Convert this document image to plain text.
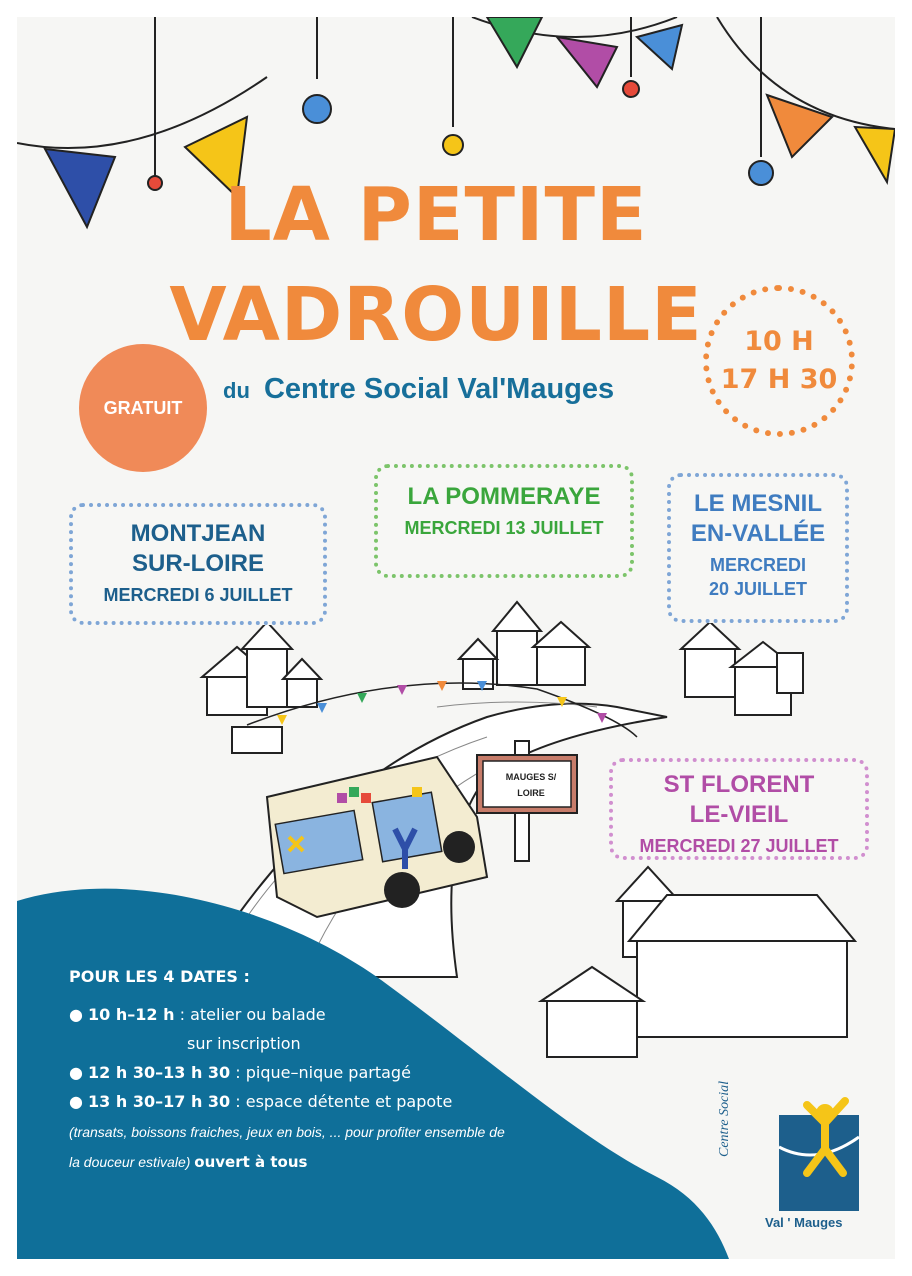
LA PETITE
VADROUILLE
GRATUIT
du Centre Social Val'Mauges
10 H
17 H 30
MONTJEAN
SUR-LOIRE
MERCREDI 6 JUILLET
LA POMMERAYE
MERCREDI 13 JUILLET
LE MESNIL
EN-VALLÉE
MERCREDI
20 JUILLET
ST FLORENT
LE-VIEIL
MERCREDI 27 JUILLET
MAUGES S/
LOIRE
POUR LES 4 DATES :
● 10 h–12 h : atelier ou balade
sur inscription
● 12 h 30–13 h 30 : pique–nique partagé
● 13 h 30–17 h 30 : espace détente et papote
(transats, boissons fraiches, jeux en bois, ... pour profiter ensemble de
la douceur estivale) ouvert à tous
Centre Social
Val ' Mauges
